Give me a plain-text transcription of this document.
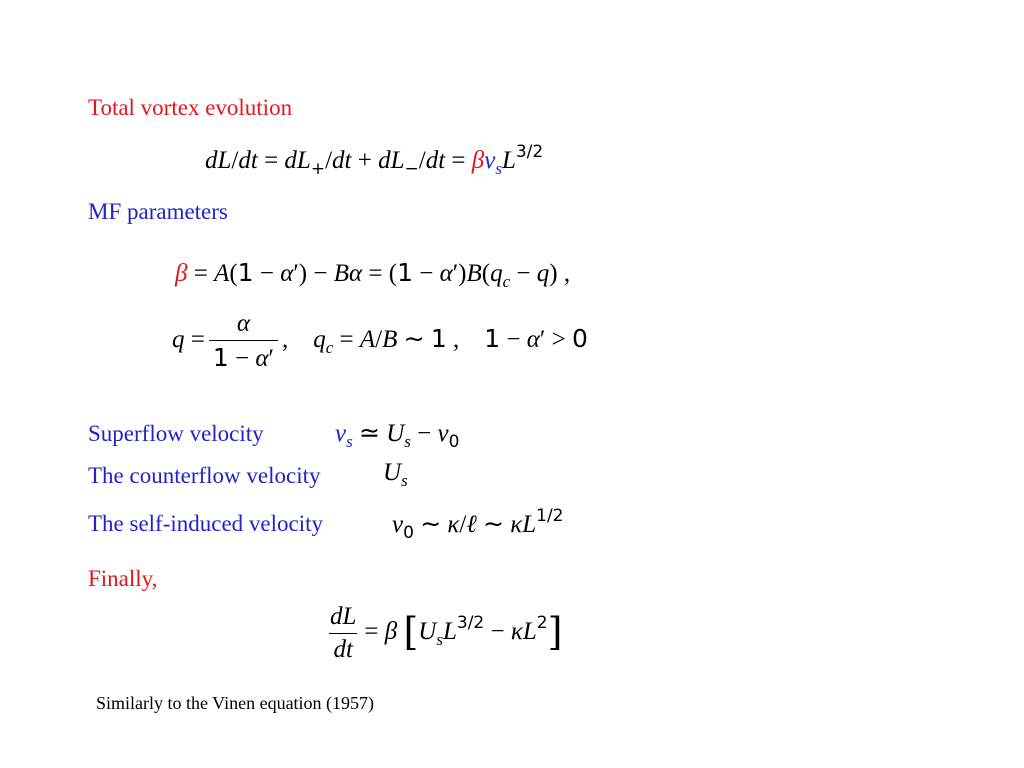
Total vortex evolution
$dL/dt = dL_+/dt + dL_-/dt = \beta v_sL^{3/2}$
MF parameters
$\beta = A(1 - \alpha') - B\alpha = (1 - \alpha')B(q_c - q)$ ,
$q = \frac{\alpha}{1 - \alpha'}$ ,    $q_c = A/B$ ∼ 1 ,    1 − α′ > 0
Superflow velocity	$v_s$ ≃ $U_s - v_0$
The counterflow velocity	$U_s$
The self-induced velocity	$v_0$ ∼ κ/ℓ ∼ $\kappa L^{1/2}$
Finally,
$\frac{dL}{dt} = \beta$ $[U_sL^{3/2} - \kappa L^2]$
Similarly to the Vinen equation (1957)
